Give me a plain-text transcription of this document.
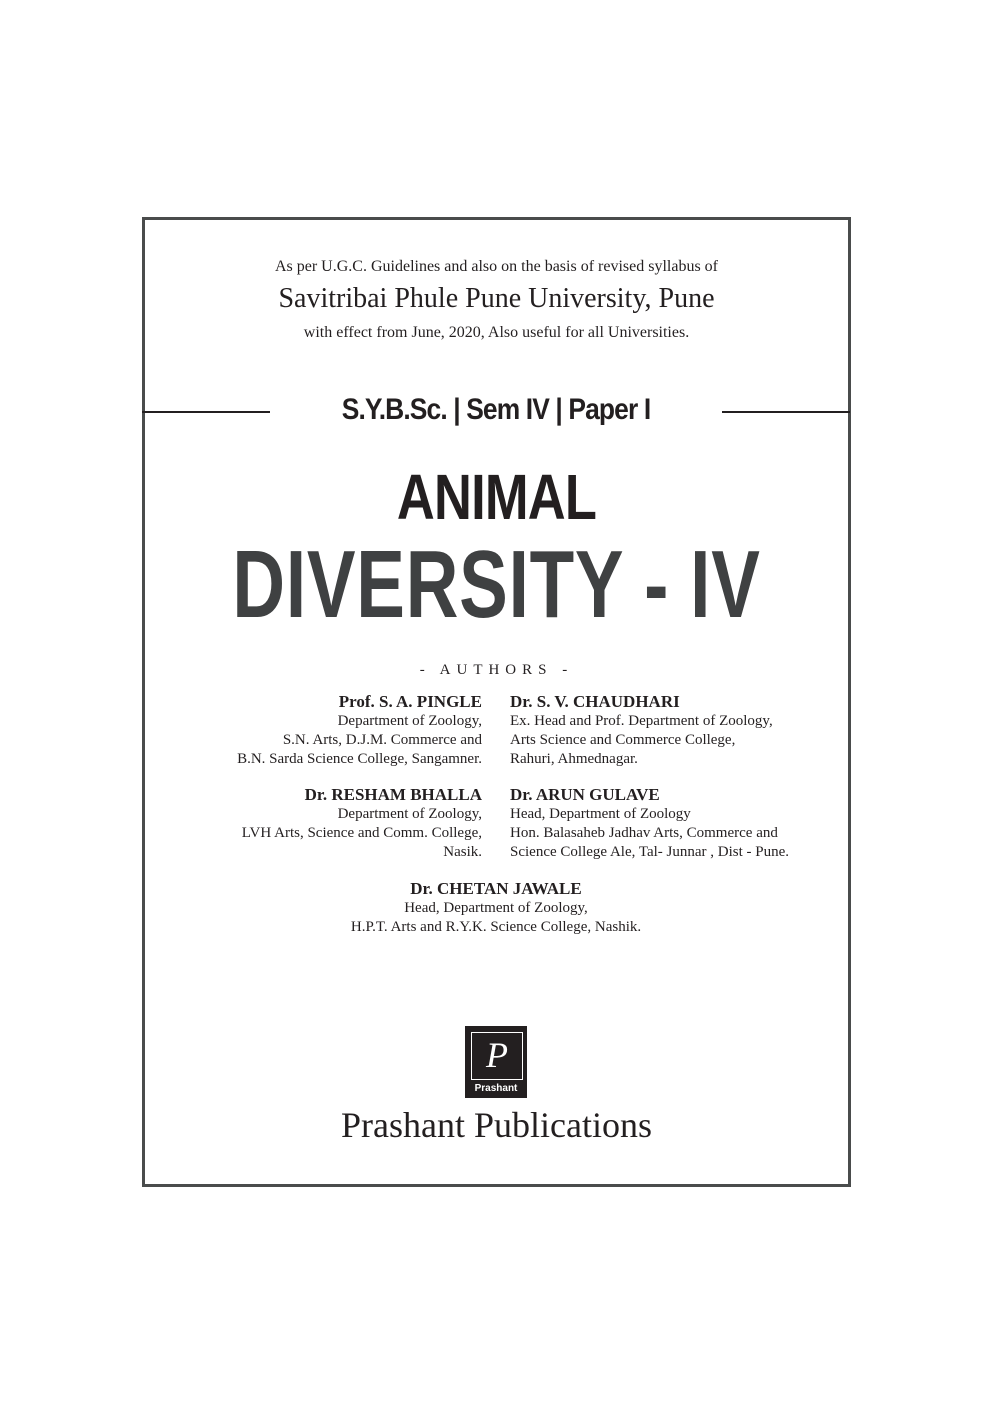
As per U.G.C. Guidelines and also on the basis of revised syllabus of
Savitribai Phule Pune University, Pune
with effect from June, 2020, Also useful for all Universities.
S.Y.B.Sc. | Sem IV | Paper I
ANIMAL
DIVERSITY - IV
- AUTHORS -
Prof. S. A. PINGLE
Department of Zoology,
S.N. Arts, D.J.M. Commerce and
B.N. Sarda Science College, Sangamner.
Dr. S. V. CHAUDHARI
Ex. Head and Prof. Department of Zoology,
Arts Science and Commerce College,
Rahuri, Ahmednagar.
Dr. RESHAM BHALLA
Department of Zoology,
LVH Arts, Science and Comm. College,
Nasik.
Dr. ARUN GULAVE
Head, Department of Zoology
Hon. Balasaheb Jadhav Arts, Commerce and
Science College Ale, Tal- Junnar , Dist - Pune.
Dr. CHETAN JAWALE
Head, Department of Zoology,
H.P.T. Arts and R.Y.K. Science College, Nashik.
P
Prashant
Prashant Publications
